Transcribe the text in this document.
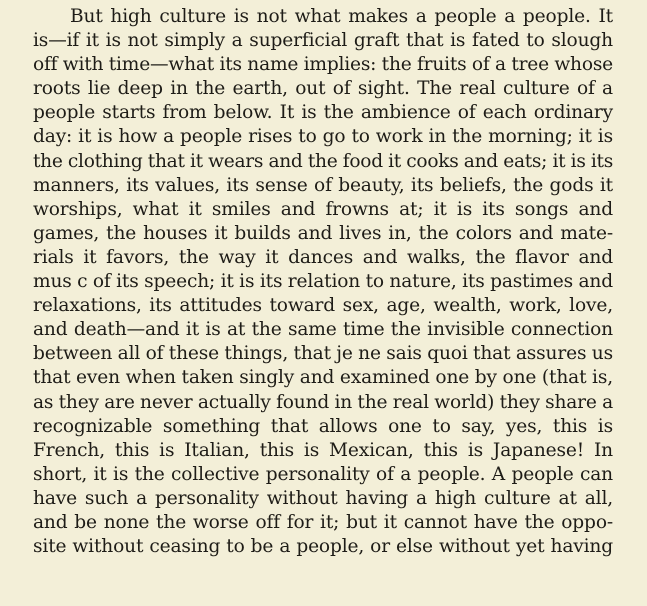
But high culture is not what makes a people a people. It
is—if it is not simply a superficial graft that is fated to slough
off with time—what its name implies: the fruits of a tree whose
roots lie deep in the earth, out of sight. The real culture of a
people starts from below. It is the ambience of each ordinary
day: it is how a people rises to go to work in the morning; it is
the clothing that it wears and the food it cooks and eats; it is its
manners, its values, its sense of beauty, its beliefs, the gods it
worships, what it smiles and frowns at; it is its songs and
games, the houses it builds and lives in, the colors and mate-
rials it favors, the way it dances and walks, the flavor and
mus c of its speech; it is its relation to nature, its pastimes and
relaxations, its attitudes toward sex, age, wealth, work, love,
and death—and it is at the same time the invisible connection
between all of these things, that je ne sais quoi that assures us
that even when taken singly and examined one by one (that is,
as they are never actually found in the real world) they share a
recognizable something that allows one to say, yes, this is
French, this is Italian, this is Mexican, this is Japanese! In
short, it is the collective personality of a people. A people can
have such a personality without having a high culture at all,
and be none the worse off for it; but it cannot have the oppo-
site without ceasing to be a people, or else without yet having
